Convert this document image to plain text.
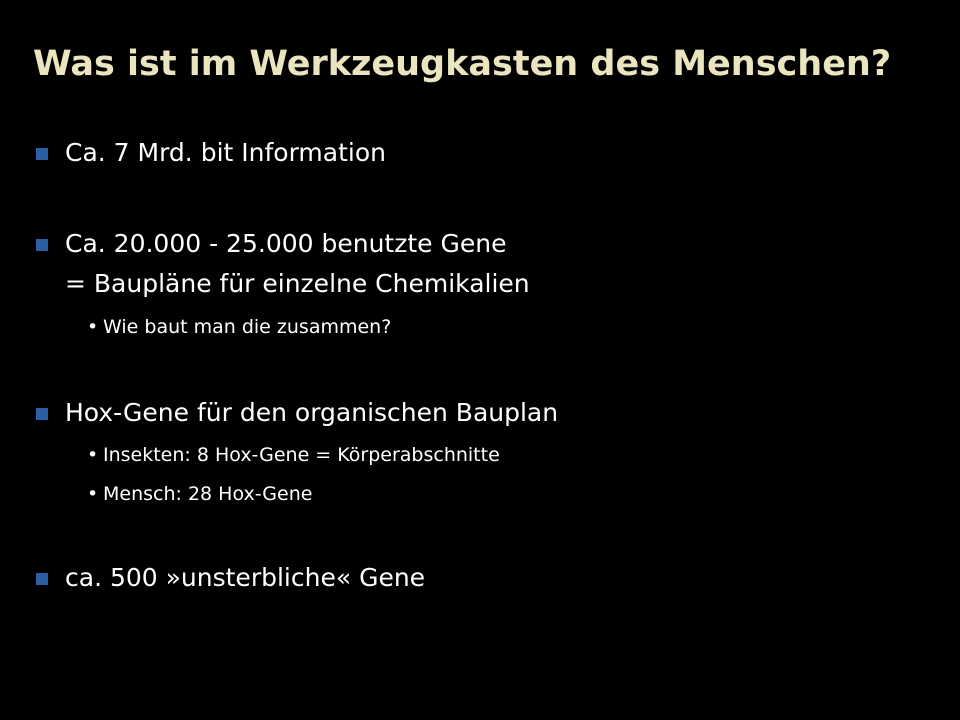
Was ist im Werkzeugkasten des Menschen?
Ca. 7 Mrd. bit Information
Ca. 20.000 - 25.000 benutzte Gene
= Baupläne für einzelne Chemikalien
• Wie baut man die zusammen?
Hox-Gene für den organischen Bauplan
• Insekten: 8 Hox-Gene = Körperabschnitte
• Mensch: 28 Hox-Gene
ca. 500 »unsterbliche« Gene
